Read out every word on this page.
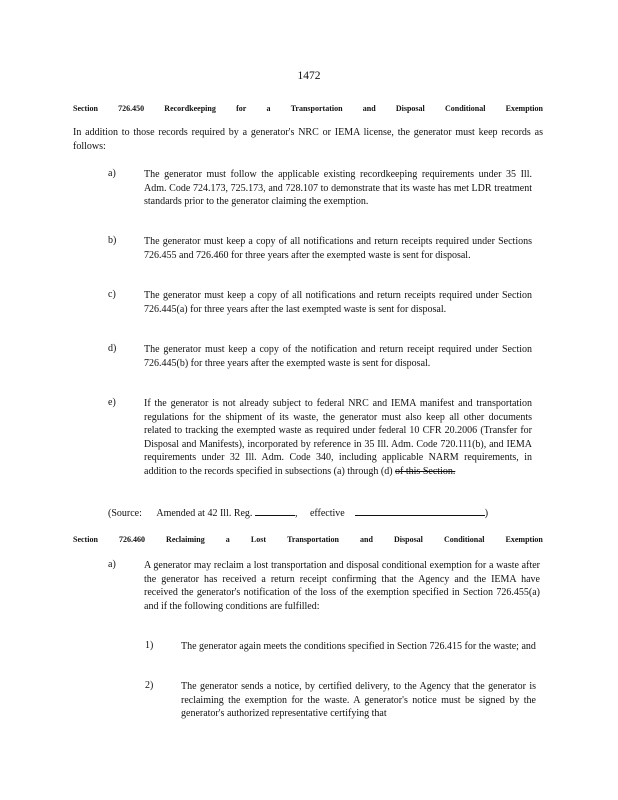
1472
Section	726.450	Recordkeeping	for	a	Transportation	and	Disposal	Conditional	Exemption
In addition to those records required by a generator's NRC or IEMA license, the generator must keep records as follows:
a)	The generator must follow the applicable existing recordkeeping requirements under 35 Ill. Adm. Code 724.173, 725.173, and 728.107 to demonstrate that its waste has met LDR treatment standards prior to the generator claiming the exemption.
b)	The generator must keep a copy of all notifications and return receipts required under Sections 726.455 and 726.460 for three years after the exempted waste is sent for disposal.
c)	The generator must keep a copy of all notifications and return receipts required under Section 726.445(a) for three years after the last exempted waste is sent for disposal.
d)	The generator must keep a copy of the notification and return receipt required under Section 726.445(b) for three years after the exempted waste is sent for disposal.
e)	If the generator is not already subject to federal NRC and IEMA manifest and transportation regulations for the shipment of its waste, the generator must also keep all other documents related to tracking the exempted waste as required under federal 10 CFR 20.2006 (Transfer for Disposal and Manifests), incorporated by reference in 35 Ill. Adm. Code 720.111(b), and IEMA requirements under 32 Ill. Adm. Code 340, including applicable NARM requirements, in addition to the records specified in subsections (a) through (d) of this Section.
(Source: Amended at 42 Ill. Reg.	,     effective	)
Section	726.460	Reclaiming	a	Lost	Transportation	and	Disposal	Conditional	Exemption
a)	A generator may reclaim a lost transportation and disposal conditional exemption for a waste after the generator has received a return receipt confirming that the Agency and the IEMA have received the generator's notification of the loss of the exemption specified in Section 726.455(a) and if the following conditions are fulfilled:
1)	The generator again meets the conditions specified in Section 726.415 for the waste; and
2)	The generator sends a notice, by certified delivery, to the Agency that the generator is reclaiming the exemption for the waste. A generator's notice must be signed by the generator's authorized representative certifying that
